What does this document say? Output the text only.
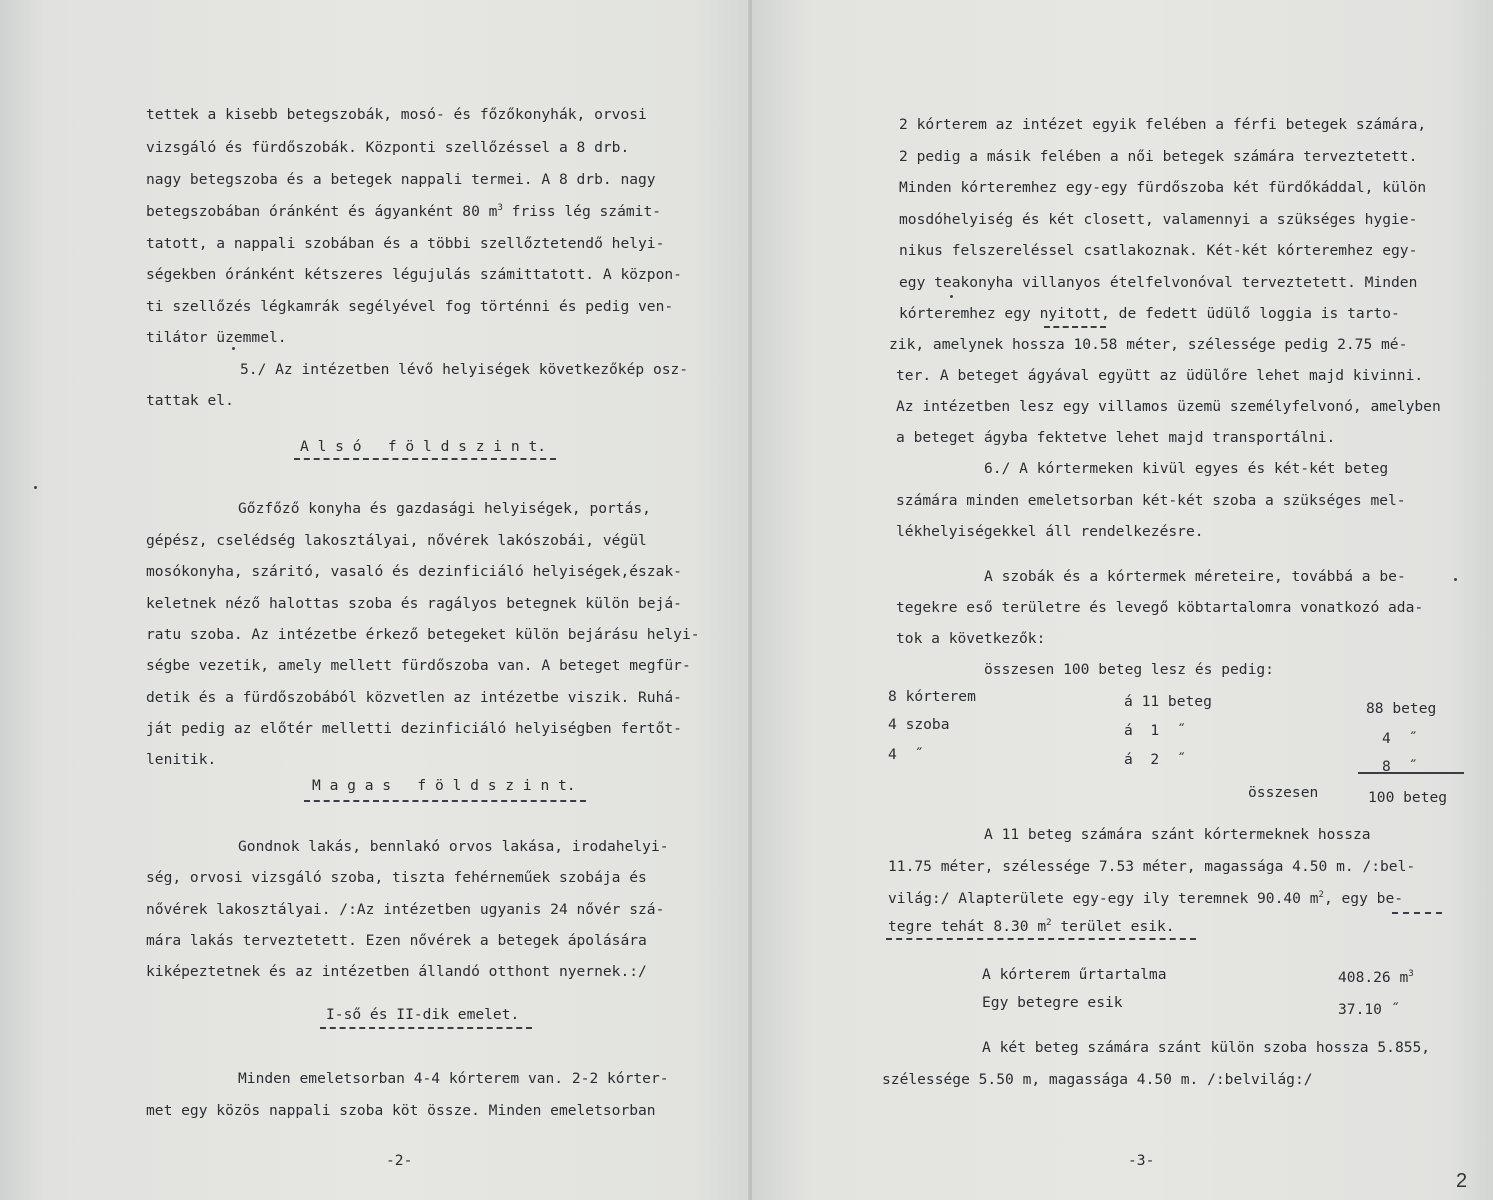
tettek a kisebb betegszobák, mosó- és főzőkonyhák, orvosi
vizsgáló és fürdőszobák. Központi szellőzéssel a 8 drb.
nagy betegszoba és a betegek nappali termei. A 8 drb. nagy
betegszobában óránként és ágyanként 80 $m^3$ friss lég számit-
tatott, a nappali szobában és a többi szellőztetendő helyi-
ségekben óránként kétszeres légujulás számittatott. A közpon-
ti szellőzés légkamrák segélyével fog történni és pedig ven-
tilátor üzemmel.
5./ Az intézetben lévő helyiségek következőkép osz-
tattak el.
A l s ó   f ö l d s z i n t.
Gőzfőző konyha és gazdasági helyiségek, portás,
gépész, cselédség lakosztályai, nővérek lakószobái, végül
mosókonyha, száritó, vasaló és dezinficiáló helyiségek,észak-
keletnek néző halottas szoba és ragályos betegnek külön bejá-
ratu szoba. Az intézetbe érkező betegeket külön bejárásu helyi-
ségbe vezetik, amely mellett fürdőszoba van. A beteget megfür-
detik és a fürdőszobából közvetlen az intézetbe viszik. Ruhá-
ját pedig az előtér melletti dezinficiáló helyiségben fertőt-
lenitik.
M a g a s   f ö l d s z i n t.
Gondnok lakás, bennlakó orvos lakása, irodahelyi-
ség, orvosi vizsgáló szoba, tiszta fehérneműek szobája és
nővérek lakosztályai. /:Az intézetben ugyanis 24 nővér szá-
mára lakás terveztetett. Ezen nővérek a betegek ápolására
kiképeztetnek és az intézetben állandó otthont nyernek.:/
I-ső és II-dik emelet.
Minden emeletsorban 4-4 kórterem van. 2-2 kórter-
met egy közös nappali szoba köt össze. Minden emeletsorban
-2-
2 kórterem az intézet egyik felében a férfi betegek számára,
2 pedig a másik felében a női betegek számára terveztetett.
Minden kórteremhez egy-egy fürdőszoba két fürdőkáddal, külön
mosdóhelyiség és két closett, valamennyi a szükséges hygie-
nikus felszereléssel csatlakoznak. Két-két kórteremhez egy-
egy teakonyha villanyos ételfelvonóval terveztetett. Minden
kórteremhez egy nyitott, de fedett üdülő loggia is tarto-
zik, amelynek hossza 10.58 méter, szélessége pedig 2.75 mé-
ter. A beteget ágyával együtt az üdülőre lehet majd kivinni.
Az intézetben lesz egy villamos üzemü személyfelvonó, amelyben
a beteget ágyba fektetve lehet majd transportálni.
6./ A kórtermeken kivül egyes és két-két beteg
számára minden emeletsorban két-két szoba a szükséges mel-
lékhelyiségekkel áll rendelkezésre.
A szobák és a kórtermek méreteire, továbbá a be-
tegekre eső területre és levegő köbtartalomra vonatkozó ada-
tok a következők:
összesen 100 beteg lesz és pedig:
8 kórterem	á 11 beteg	88 beteg
4 szoba	á  1  ˝	4  ˝
4  ˝	á  2  ˝	8  ˝
összesen	100 beteg
A 11 beteg számára szánt kórtermeknek hossza
11.75 méter, szélessége 7.53 méter, magassága 4.50 m. /:bel-
világ:/ Alapterülete egy-egy ily teremnek 90.40 $m^2$, egy be-
tegre tehát 8.30 $m^2$ terület esik.
A kórterem űrtartalma	408.26 $m^3$
Egy betegre esik	37.10 ˝
A két beteg számára szánt külön szoba hossza 5.855,
szélessége 5.50 m, magassága 4.50 m. /:belvilág:/
-3-
2
